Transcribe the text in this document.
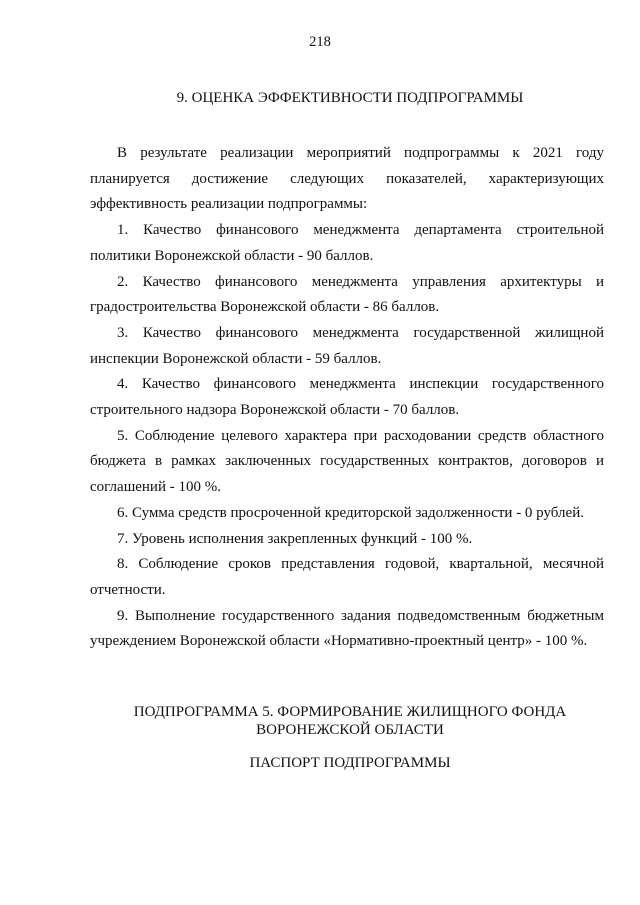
218
9. ОЦЕНКА ЭФФЕКТИВНОСТИ ПОДПРОГРАММЫ

В результате реализации мероприятий подпрограммы к 2021 году планируется достижение следующих показателей, характеризующих эффективность реализации подпрограммы:

1. Качество финансового менеджмента департамента строительной политики Воронежской области - 90 баллов.

2. Качество финансового менеджмента управления архитектуры и градостроительства Воронежской области - 86 баллов.

3. Качество финансового менеджмента государственной жилищной инспекции Воронежской области - 59 баллов.

4. Качество финансового менеджмента инспекции государственного строительного надзора Воронежской области - 70 баллов.

5. Соблюдение целевого характера при расходовании средств областного бюджета в рамках заключенных государственных контрактов, договоров и соглашений - 100 %.

6. Сумма средств просроченной кредиторской задолженности - 0 рублей.

7. Уровень исполнения закрепленных функций - 100 %.

8. Соблюдение сроков представления годовой, квартальной, месячной отчетности.

9. Выполнение государственного задания подведомственным бюджетным учреждением Воронежской области «Нормативно-проектный центр» - 100 %.

ПОДПРОГРАММА 5. ФОРМИРОВАНИЕ ЖИЛИЩНОГО ФОНДА
ВОРОНЕЖСКОЙ ОБЛАСТИ
ПАСПОРТ ПОДПРОГРАММЫ
